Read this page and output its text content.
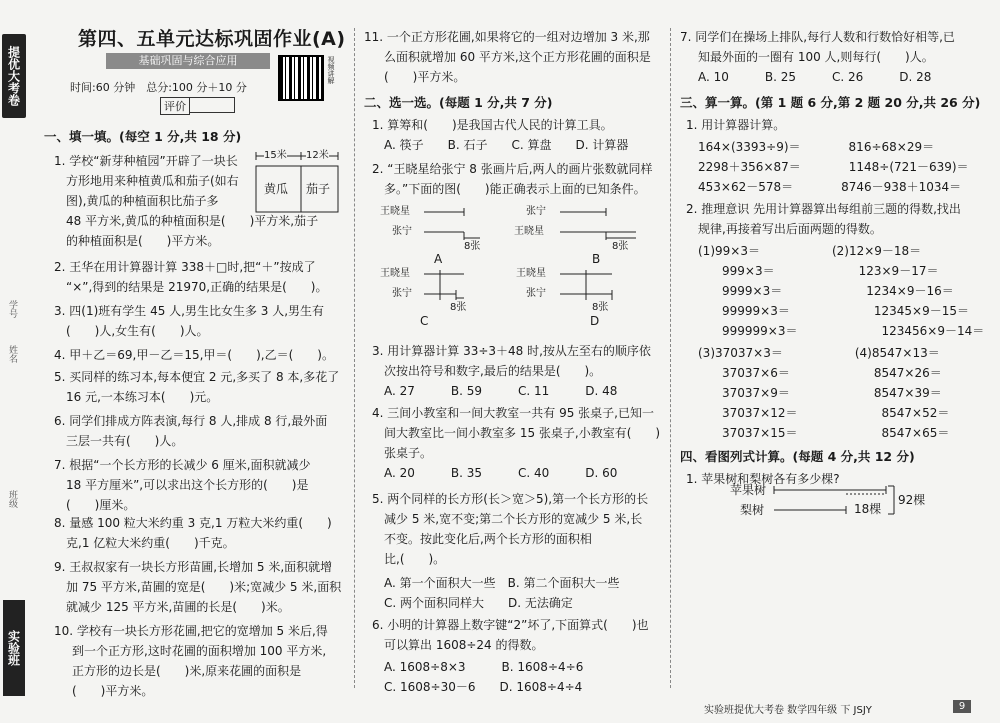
提优大考卷
班级
姓名
学号
实验班
第四、五单元达标巩固作业(A)
基础巩固与综合应用	视频讲解
时间:60 分钟　总分:100 分＋10 分
评价
一、填一填。(每空 1 分,共 18 分)
1. 学校“新芽种植园”开辟了一块长
方形地用来种植黄瓜和茄子(如右
图),黄瓜的种植面积比茄子多
48 平方米,黄瓜的种植面积是(　　)平方米,茄子
的种植面积是(　　)平方米。
2. 王华在用计算器计算 338＋□时,把“＋”按成了
“×”,得到的结果是 21970,正确的结果是(　　)。
3. 四(1)班有学生 45 人,男生比女生多 3 人,男生有
(　　)人,女生有(　　)人。
4. 甲＋乙＝69,甲－乙＝15,甲＝(　　),乙＝(　　)。
5. 买同样的练习本,每本便宜 2 元,多买了 8 本,多花了
16 元,一本练习本(　　)元。
6. 同学们排成方阵表演,每行 8 人,排成 8 行,最外面
三层一共有(　　)人。
7. 根据“一个长方形的长减少 6 厘米,面积就减少
18 平方厘米”,可以求出这个长方形的(　　)是
(　　)厘米。
8. 量感 100 粒大米约重 3 克,1 万粒大米约重(　　)
克,1 亿粒大米约重(　　)千克。
9. 王叔叔家有一块长方形苗圃,长增加 5 米,面积就增
加 75 平方米,苗圃的宽是(　　)米;宽减少 5 米,面积
就减少 125 平方米,苗圃的长是(　　)米。
10. 学校有一块长方形花圃,把它的宽增加 5 米后,得
到一个正方形,这时花圃的面积增加 100 平方米,
正方形的边长是(　　)米,原来花圃的面积是
(　　)平方米。
11. 一个正方形花圃,如果将它的一组对边增加 3 米,那
么面积就增加 60 平方米,这个正方形花圃的面积是
(　　)平方米。
二、选一选。(每题 1 分,共 7 分)
1. 算筹和(　　)是我国古代人民的计算工具。
A. 筷子　　B. 石子　　C. 算盘　　D. 计算器
2. “王晓星给张宁 8 张画片后,两人的画片张数就同样
多。”下面的图(　　)能正确表示上面的已知条件。
3. 用计算器计算 33÷3＋48 时,按从左至右的顺序依
次按出符号和数字,最后的结果是(　　)。
A. 27　　　B. 59　　　C. 11　　　D. 48
4. 三间小教室和一间大教室一共有 95 张桌子,已知一
间大教室比一间小教室多 15 张桌子,小教室有(　　)
张桌子。
A. 20　　　B. 35　　　C. 40　　　D. 60
5. 两个同样的长方形(长＞宽＞5),第一个长方形的长
减少 5 米,宽不变;第二个长方形的宽减少 5 米,长
不变。按此变化后,两个长方形的面积相
比,(　　)。
A. 第一个面积大一些　B. 第二个面积大一些
C. 两个面积同样大　　D. 无法确定
6. 小明的计算器上数字键“2”坏了,下面算式(　　)也
可以算出 1608÷24 的得数。
A. 1608÷8×3　　　B. 1608÷4÷6
C. 1608÷30－6　　D. 1608÷4÷4
7. 同学们在操场上排队,每行人数和行数恰好相等,已
知最外面的一圈有 100 人,则每行(　　)人。
A. 10　　　B. 25　　　C. 26　　　D. 28
三、算一算。(第 1 题 6 分,第 2 题 20 分,共 26 分)
1. 用计算器计算。
164×(3393÷9)＝　　　　816÷68×29＝
2298＋356×87＝　　　　1148÷(721－639)＝
453×62－578＝　　　　8746－938＋1034＝
2. 推理意识 先用计算器算出每组前三题的得数,找出
规律,再接着写出后面两题的得数。
(1)99×3＝　　　　　　(2)12×9－18＝
　　999×3＝　　　　　　　123×9－17＝
　　9999×3＝　　　　　　　1234×9－16＝
　　99999×3＝　　　　　　　12345×9－15＝
　　999999×3＝　　　　　　　123456×9－14＝
(3)37037×3＝　　　　　　(4)8547×13＝
　　37037×6＝　　　　　　　8547×26＝
　　37037×9＝　　　　　　　8547×39＝
　　37037×12＝　　　　　　　8547×52＝
　　37037×15＝　　　　　　　8547×65＝
四、看图列式计算。(每题 4 分,共 12 分)
1. 苹果树和梨树各有多少棵?
15米 12米
黄瓜 茄子
王晓星
张宁
8张
A
张宁
王晓星
8张
B
王晓星
张宁
8张
C
王晓星
张宁
8张
D
苹果树
梨树	18棵
92棵
实验班提优大考卷 数学四年级 下 JSJY	9
